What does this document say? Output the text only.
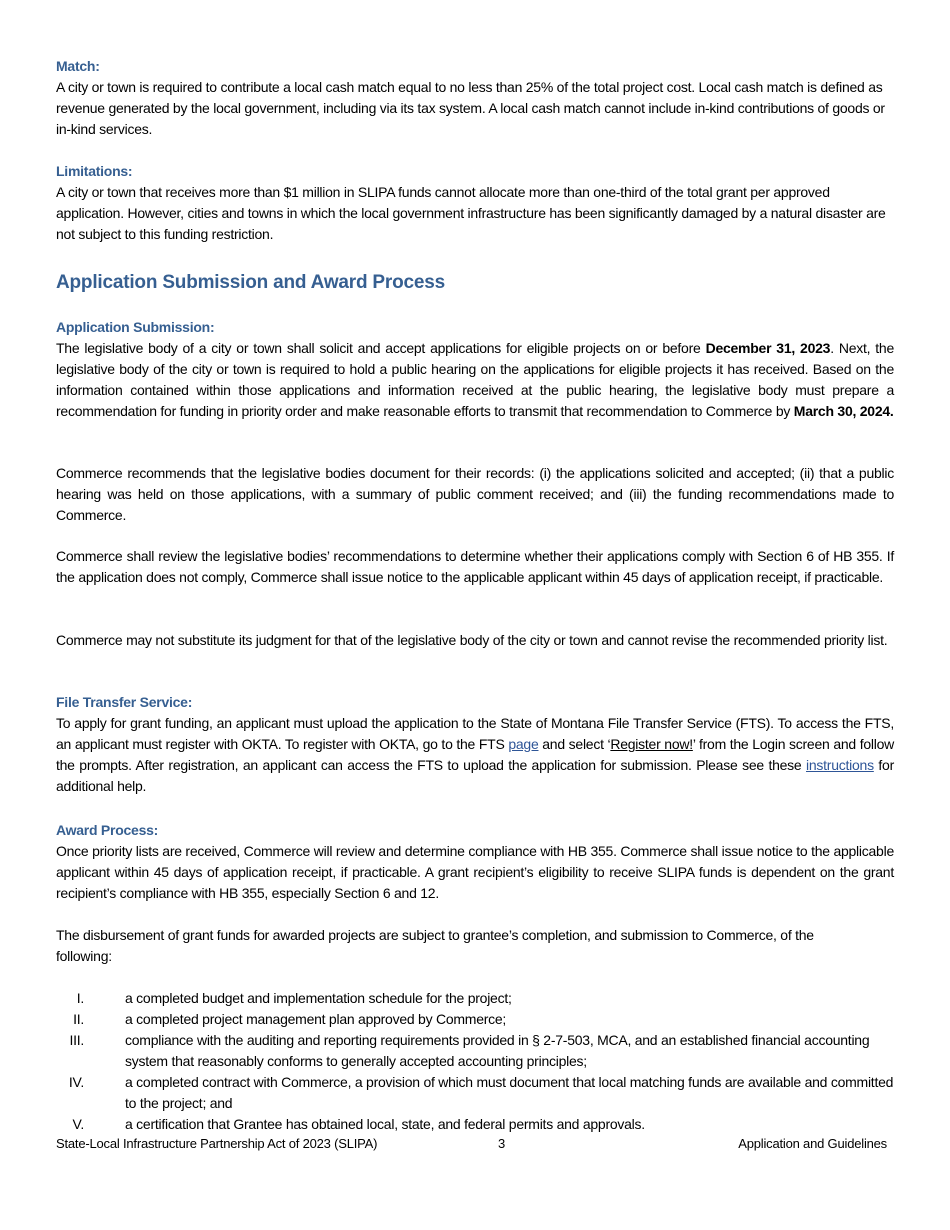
Match:
A city or town is required to contribute a local cash match equal to no less than 25% of the total project cost. Local cash match is defined as revenue generated by the local government, including via its tax system. A local cash match cannot include in-kind contributions of goods or in-kind services.
Limitations:
A city or town that receives more than $1 million in SLIPA funds cannot allocate more than one-third of the total grant per approved application. However, cities and towns in which the local government infrastructure has been significantly damaged by a natural disaster are not subject to this funding restriction.
Application Submission and Award Process
Application Submission:
The legislative body of a city or town shall solicit and accept applications for eligible projects on or before December 31, 2023. Next, the legislative body of the city or town is required to hold a public hearing on the applications for eligible projects it has received. Based on the information contained within those applications and information received at the public hearing, the legislative body must prepare a recommendation for funding in priority order and make reasonable efforts to transmit that recommendation to Commerce by March 30, 2024.
Commerce recommends that the legislative bodies document for their records: (i) the applications solicited and accepted; (ii) that a public hearing was held on those applications, with a summary of public comment received; and (iii) the funding recommendations made to Commerce.
Commerce shall review the legislative bodies’ recommendations to determine whether their applications comply with Section 6 of HB 355. If the application does not comply, Commerce shall issue notice to the applicable applicant within 45 days of application receipt, if practicable.
Commerce may not substitute its judgment for that of the legislative body of the city or town and cannot revise the recommended priority list.
File Transfer Service:
To apply for grant funding, an applicant must upload the application to the State of Montana File Transfer Service (FTS). To access the FTS, an applicant must register with OKTA. To register with OKTA, go to the FTS page and select ‘Register now!’ from the Login screen and follow the prompts. After registration, an applicant can access the FTS to upload the application for submission. Please see these instructions for additional help.
Award Process:
Once priority lists are received, Commerce will review and determine compliance with HB 355. Commerce shall issue notice to the applicable applicant within 45 days of application receipt, if practicable. A grant recipient’s eligibility to receive SLIPA funds is dependent on the grant recipient’s compliance with HB 355, especially Section 6 and 12.
The disbursement of grant funds for awarded projects are subject to grantee’s completion, and submission to Commerce, of the following:
I.	a completed budget and implementation schedule for the project;
II.	a completed project management plan approved by Commerce;
III.	compliance with the auditing and reporting requirements provided in § 2-7-503, MCA, and an established financial accounting system that reasonably conforms to generally accepted accounting principles;
IV.	a completed contract with Commerce, a provision of which must document that local matching funds are available and committed to the project; and
V.	a certification that Grantee has obtained local, state, and federal permits and approvals.
State-Local Infrastructure Partnership Act of 2023 (SLIPA)	3	Application and Guidelines
